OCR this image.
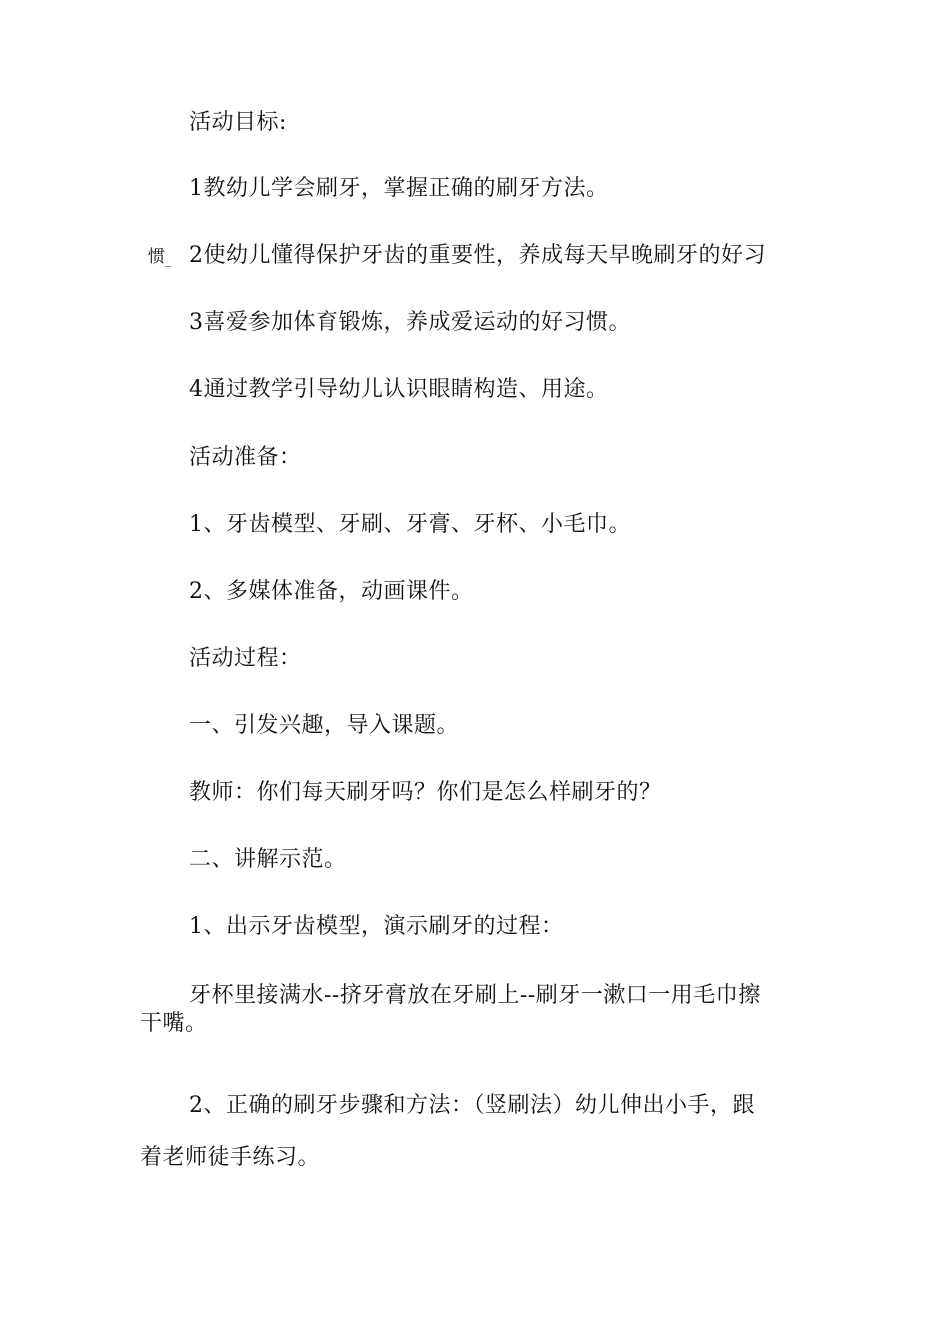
活动目标:
1教幼儿学会刷牙，掌握正确的刷牙方法。
惯_ 2使幼儿懂得保护牙齿的重要性，养成每天早晚刷牙的好习
3喜爱参加体育锻炼，养成爱运动的好习惯。
4通过教学引导幼儿认识眼睛构造、用途。
活动准备：
1、牙齿模型、牙刷、牙膏、牙杯、小毛巾。
2、多媒体准备，动画课件。
活动过程：
一、引发兴趣，导入课题。
教师：你们每天刷牙吗？你们是怎么样刷牙的？
二、讲解示范。
1、出示牙齿模型，演示刷牙的过程：
牙杯里接满水--挤牙膏放在牙刷上--刷牙一漱口一用毛巾擦
干嘴。
2、正确的刷牙步骤和方法：（竖刷法）幼儿伸出小手，跟
着老师徒手练习。
